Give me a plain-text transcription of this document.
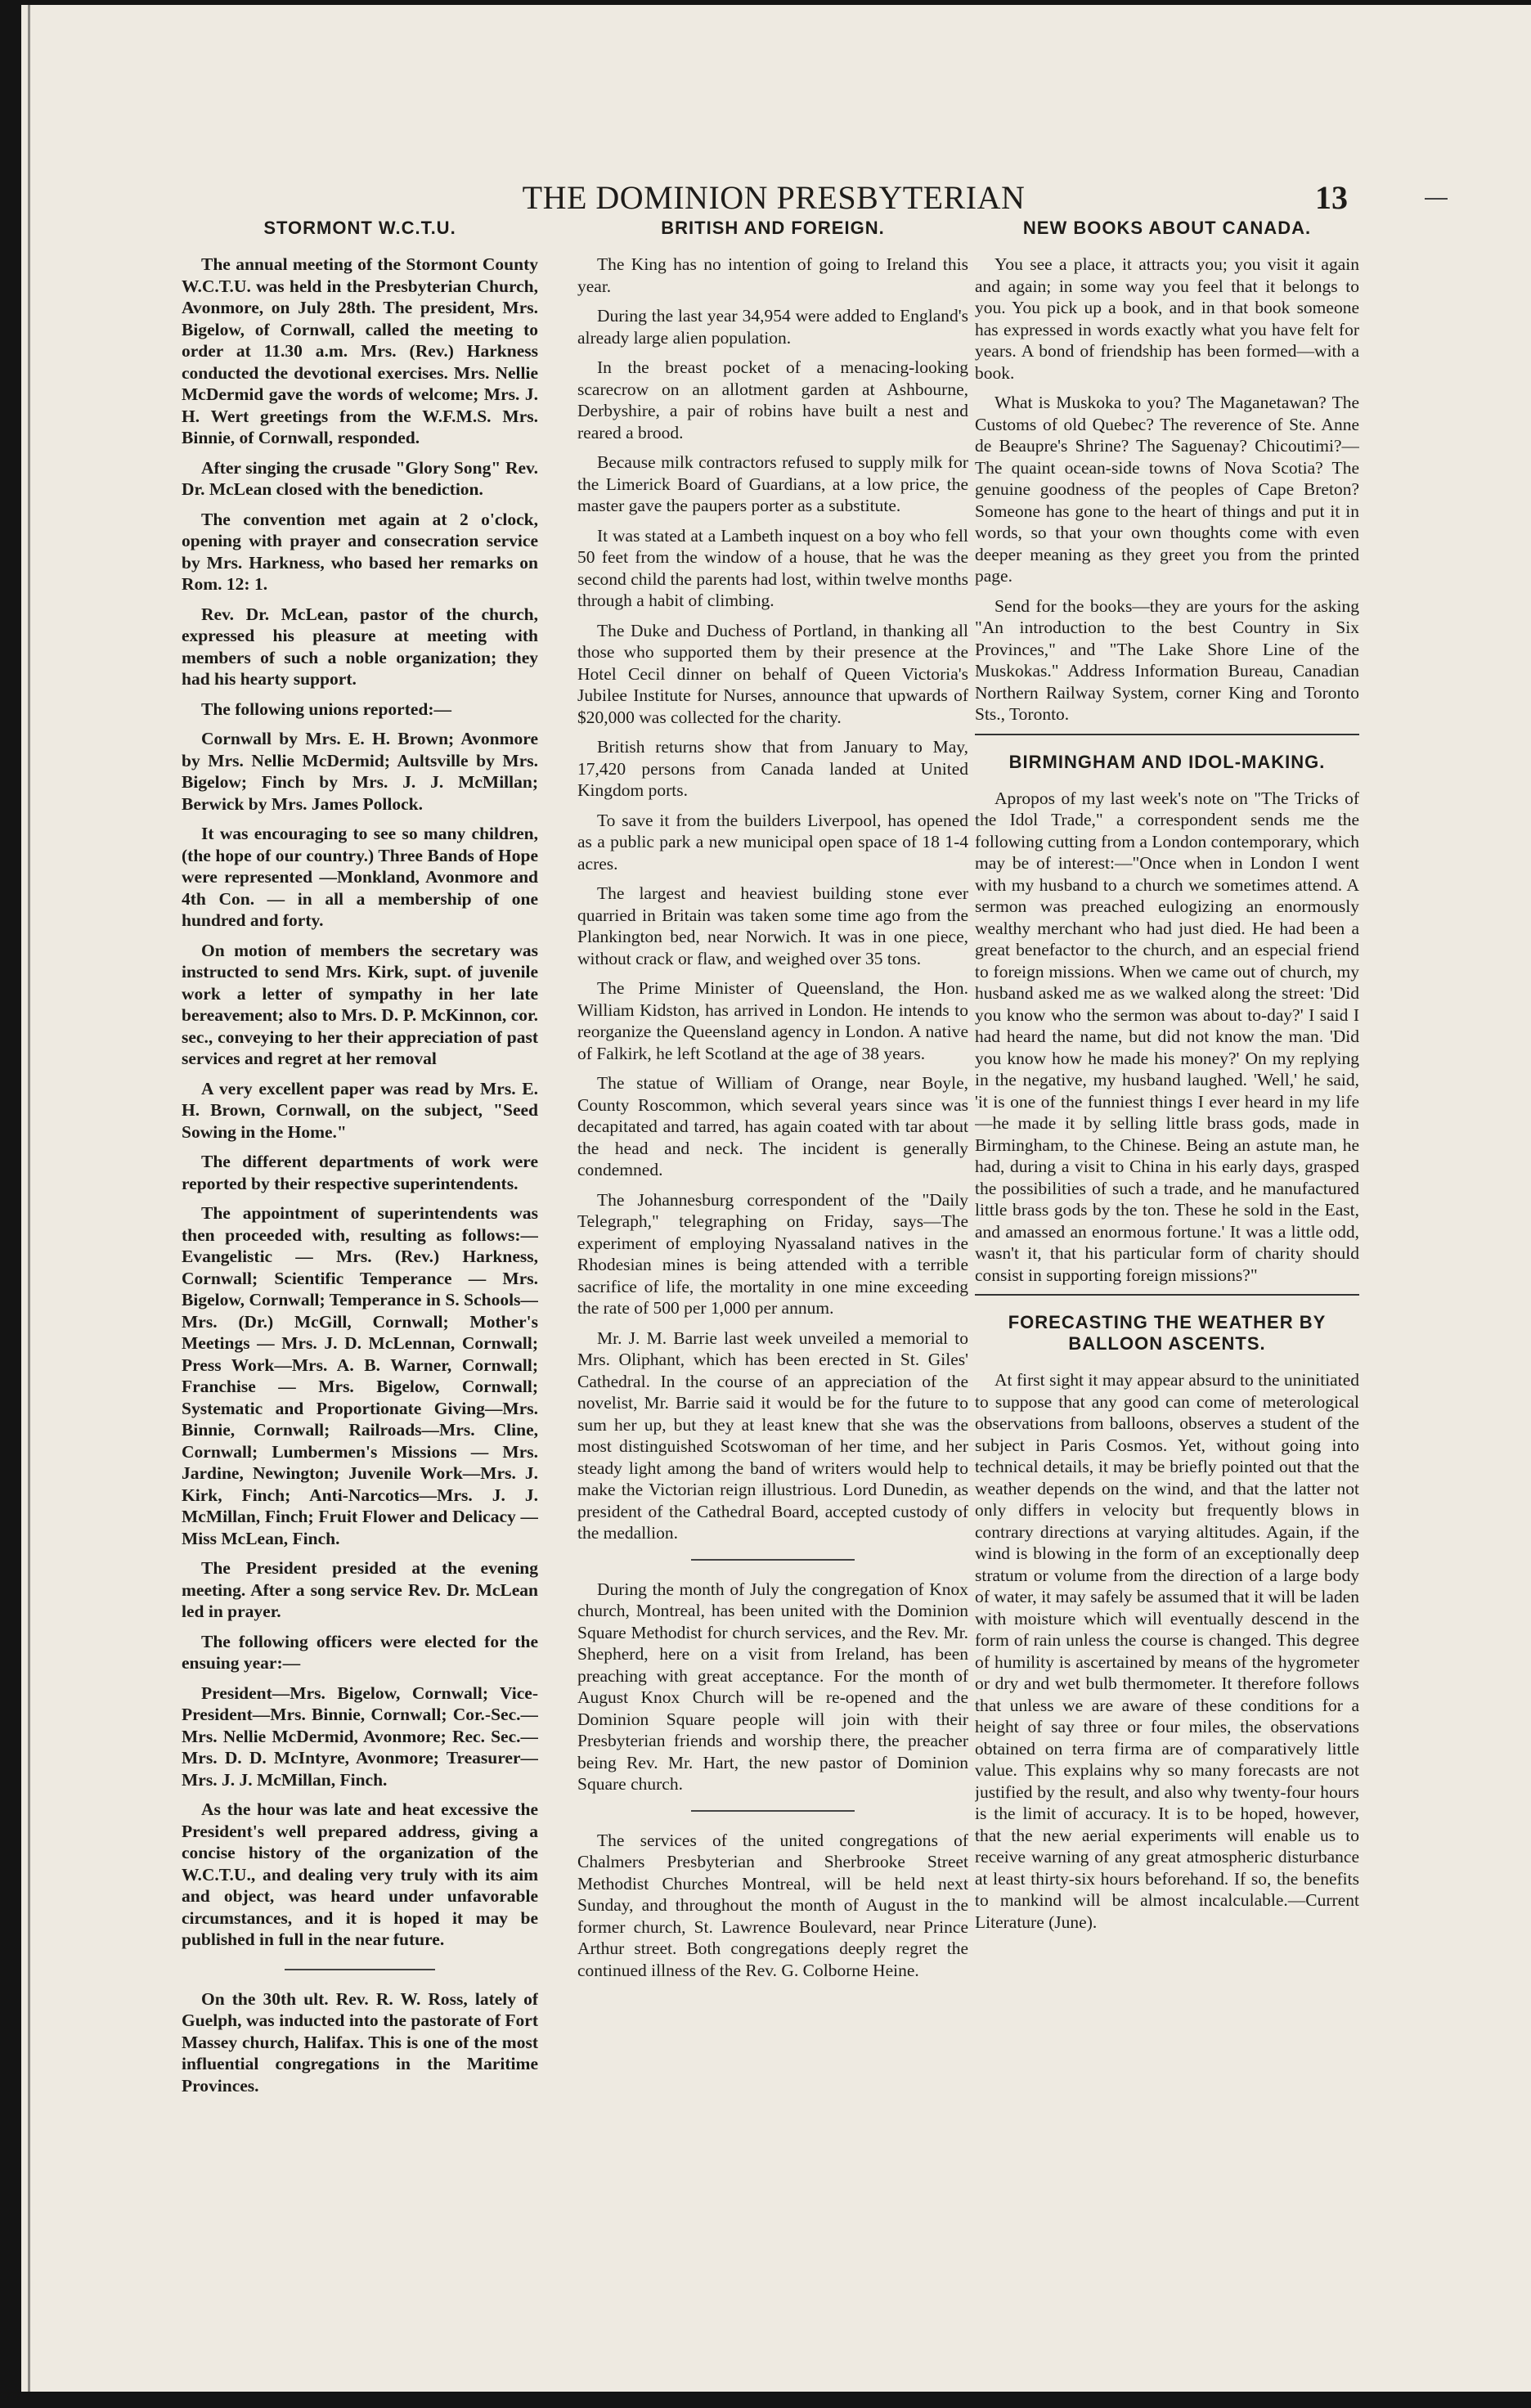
THE DOMINION PRESBYTERIAN	13
STORMONT W.C.T.U.

The annual meeting of the Stormont County W.C.T.U. was held in the Presbyterian Church, Avonmore, on July 28th. The president, Mrs. Bigelow, of Cornwall, called the meeting to order at 11.30 a.m. Mrs. (Rev.) Harkness conducted the devotional exercises. Mrs. Nellie McDermid gave the words of welcome; Mrs. J. H. Wert greetings from the W.F.M.S. Mrs. Binnie, of Cornwall, responded.

After singing the crusade "Glory Song" Rev. Dr. McLean closed with the benediction.

The convention met again at 2 o'clock, opening with prayer and consecration service by Mrs. Harkness, who based her remarks on Rom. 12: 1.

Rev. Dr. McLean, pastor of the church, expressed his pleasure at meeting with members of such a noble organization; they had his hearty support.

The following unions reported:—

Cornwall by Mrs. E. H. Brown; Avonmore by Mrs. Nellie McDermid; Aultsville by Mrs. Bigelow; Finch by Mrs. J. J. McMillan; Berwick by Mrs. James Pollock.

It was encouraging to see so many children, (the hope of our country.) Three Bands of Hope were represented —Monkland, Avonmore and 4th Con. — in all a membership of one hundred and forty.

On motion of members the secretary was instructed to send Mrs. Kirk, supt. of juvenile work a letter of sympathy in her late bereavement; also to Mrs. D. P. McKinnon, cor. sec., conveying to her their appreciation of past services and regret at her removal

A very excellent paper was read by Mrs. E. H. Brown, Cornwall, on the subject, "Seed Sowing in the Home."

The different departments of work were reported by their respective superintendents.

The appointment of superintendents was then proceeded with, resulting as follows:—Evangelistic — Mrs. (Rev.) Harkness, Cornwall; Scientific Temperance — Mrs. Bigelow, Cornwall; Temperance in S. Schools—Mrs. (Dr.) McGill, Cornwall; Mother's Meetings — Mrs. J. D. McLennan, Cornwall; Press Work—Mrs. A. B. Warner, Cornwall; Franchise — Mrs. Bigelow, Cornwall; Systematic and Proportionate Giving—Mrs. Binnie, Cornwall; Railroads—Mrs. Cline, Cornwall; Lumbermen's Missions — Mrs. Jardine, Newington; Juvenile Work—Mrs. J. Kirk, Finch; Anti-Narcotics—Mrs. J. J. McMillan, Finch; Fruit Flower and Delicacy — Miss McLean, Finch.

The President presided at the evening meeting. After a song service Rev. Dr. McLean led in prayer.

The following officers were elected for the ensuing year:—

President—Mrs. Bigelow, Cornwall; Vice-President—Mrs. Binnie, Cornwall; Cor.-Sec.—Mrs. Nellie McDermid, Avonmore; Rec. Sec.—Mrs. D. D. McIntyre, Avonmore; Treasurer—Mrs. J. J. McMillan, Finch.

As the hour was late and heat excessive the President's well prepared address, giving a concise history of the organization of the W.C.T.U., and dealing very truly with its aim and object, was heard under unfavorable circumstances, and it is hoped it may be published in full in the near future.

On the 30th ult. Rev. R. W. Ross, lately of Guelph, was inducted into the pastorate of Fort Massey church, Halifax. This is one of the most influential congregations in the Maritime Provinces.

BRITISH AND FOREIGN.

The King has no intention of going to Ireland this year.

During the last year 34,954 were added to England's already large alien population.

In the breast pocket of a menacing-looking scarecrow on an allotment garden at Ashbourne, Derbyshire, a pair of robins have built a nest and reared a brood.

Because milk contractors refused to supply milk for the Limerick Board of Guardians, at a low price, the master gave the paupers porter as a substitute.

It was stated at a Lambeth inquest on a boy who fell 50 feet from the window of a house, that he was the second child the parents had lost, within twelve months through a habit of climbing.

The Duke and Duchess of Portland, in thanking all those who supported them by their presence at the Hotel Cecil dinner on behalf of Queen Victoria's Jubilee Institute for Nurses, announce that upwards of $20,000 was collected for the charity.

British returns show that from January to May, 17,420 persons from Canada landed at United Kingdom ports.

To save it from the builders Liverpool, has opened as a public park a new municipal open space of 18 1-4 acres.

The largest and heaviest building stone ever quarried in Britain was taken some time ago from the Plankington bed, near Norwich. It was in one piece, without crack or flaw, and weighed over 35 tons.

The Prime Minister of Queensland, the Hon. William Kidston, has arrived in London. He intends to reorganize the Queensland agency in London. A native of Falkirk, he left Scotland at the age of 38 years.

The statue of William of Orange, near Boyle, County Roscommon, which several years since was decapitated and tarred, has again coated with tar about the head and neck. The incident is generally condemned.

The Johannesburg correspondent of the "Daily Telegraph," telegraphing on Friday, says—The experiment of employing Nyassaland natives in the Rhodesian mines is being attended with a terrible sacrifice of life, the mortality in one mine exceeding the rate of 500 per 1,000 per annum.

Mr. J. M. Barrie last week unveiled a memorial to Mrs. Oliphant, which has been erected in St. Giles' Cathedral. In the course of an appreciation of the novelist, Mr. Barrie said it would be for the future to sum her up, but they at least knew that she was the most distinguished Scotswoman of her time, and her steady light among the band of writers would help to make the Victorian reign illustrious. Lord Dunedin, as president of the Cathedral Board, accepted custody of the medallion.

During the month of July the congregation of Knox church, Montreal, has been united with the Dominion Square Methodist for church services, and the Rev. Mr. Shepherd, here on a visit from Ireland, has been preaching with great acceptance. For the month of August Knox Church will be re-opened and the Dominion Square people will join with their Presbyterian friends and worship there, the preacher being Rev. Mr. Hart, the new pastor of Dominion Square church.

The services of the united congregations of Chalmers Presbyterian and Sherbrooke Street Methodist Churches Montreal, will be held next Sunday, and throughout the month of August in the former church, St. Lawrence Boulevard, near Prince Arthur street. Both congregations deeply regret the continued illness of the Rev. G. Colborne Heine.

NEW BOOKS ABOUT CANADA.

You see a place, it attracts you; you visit it again and again; in some way you feel that it belongs to you. You pick up a book, and in that book someone has expressed in words exactly what you have felt for years. A bond of friendship has been formed—with a book.

What is Muskoka to you? The Maganetawan? The Customs of old Quebec? The reverence of Ste. Anne de Beaupre's Shrine? The Saguenay? Chicoutimi?—The quaint ocean-side towns of Nova Scotia? The genuine goodness of the peoples of Cape Breton? Someone has gone to the heart of things and put it in words, so that your own thoughts come with even deeper meaning as they greet you from the printed page.

Send for the books—they are yours for the asking "An introduction to the best Country in Six Provinces," and "The Lake Shore Line of the Muskokas." Address Information Bureau, Canadian Northern Railway System, corner King and Toronto Sts., Toronto.

BIRMINGHAM AND IDOL-MAKING.

Apropos of my last week's note on "The Tricks of the Idol Trade," a correspondent sends me the following cutting from a London contemporary, which may be of interest:—"Once when in London I went with my husband to a church we sometimes attend. A sermon was preached eulogizing an enormously wealthy merchant who had just died. He had been a great benefactor to the church, and an especial friend to foreign missions. When we came out of church, my husband asked me as we walked along the street: 'Did you know who the sermon was about to-day?' I said I had heard the name, but did not know the man. 'Did you know how he made his money?' On my replying in the negative, my husband laughed. 'Well,' he said, 'it is one of the funniest things I ever heard in my life—he made it by selling little brass gods, made in Birmingham, to the Chinese. Being an astute man, he had, during a visit to China in his early days, grasped the possibilities of such a trade, and he manufactured little brass gods by the ton. These he sold in the East, and amassed an enormous fortune.' It was a little odd, wasn't it, that his particular form of charity should consist in supporting foreign missions?"

FORECASTING THE WEATHER BY BALLOON ASCENTS.

At first sight it may appear absurd to the uninitiated to suppose that any good can come of meterological observations from balloons, observes a student of the subject in Paris Cosmos. Yet, without going into technical details, it may be briefly pointed out that the weather depends on the wind, and that the latter not only differs in velocity but frequently blows in contrary directions at varying altitudes. Again, if the wind is blowing in the form of an exceptionally deep stratum or volume from the direction of a large body of water, it may safely be assumed that it will be laden with moisture which will eventually descend in the form of rain unless the course is changed. This degree of humility is ascertained by means of the hygrometer or dry and wet bulb thermometer. It therefore follows that unless we are aware of these conditions for a height of say three or four miles, the observations obtained on terra firma are of comparatively little value. This explains why so many forecasts are not justified by the result, and also why twenty-four hours is the limit of accuracy. It is to be hoped, however, that the new aerial experiments will enable us to receive warning of any great atmospheric disturbance at least thirty-six hours beforehand. If so, the benefits to mankind will be almost incalculable.—Current Literature (June).
